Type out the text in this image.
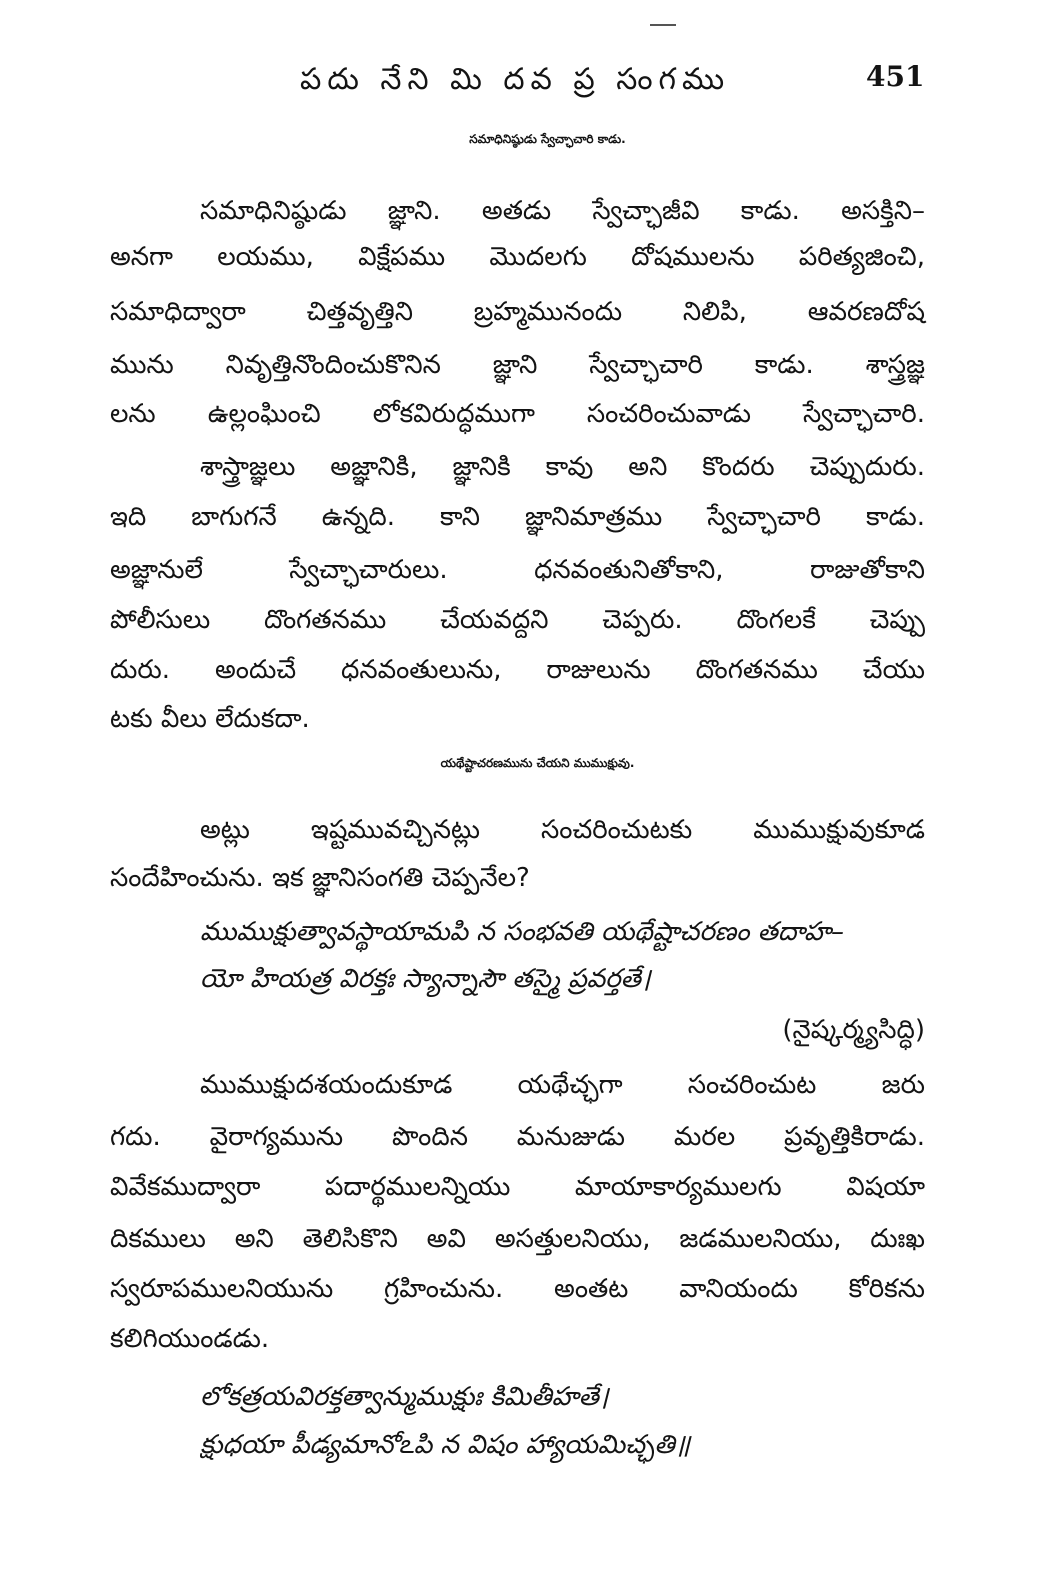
పదు నేని మి దవ ప్ర సంగము	451
సమాధినిష్ఠుడు స్వేచ్ఛాచారి కాడు.
సమాధినిష్ఠుడు జ్ఞాని. అతడు స్వేచ్ఛాజీవి కాడు. అసక్తిని–
అనగా లయము, విక్షేపము మొదలగు దోషములను పరిత్యజించి,
సమాధిద్వారా చిత్తవృత్తిని బ్రహ్మమునందు నిలిపి, ఆవరణదోష
మును నివృత్తినొందించుకొనిన జ్ఞాని స్వేచ్ఛాచారి కాడు. శాస్త్రజ్ఞ
లను ఉల్లంఘించి లోకవిరుద్ధముగా సంచరించువాడు స్వేచ్ఛాచారి.
శాస్త్రాజ్ఞలు అజ్ఞానికి, జ్ఞానికి కావు అని కొందరు చెప్పుదురు.
ఇది బాగుగనే ఉన్నది. కాని జ్ఞానిమాత్రము స్వేచ్ఛాచారి కాడు.
అజ్ఞానులే స్వేచ్ఛాచారులు. ధనవంతునితోకాని, రాజుతోకాని
పోలీసులు దొంగతనము చేయవద్దని చెప్పరు. దొంగలకే చెప్పు
దురు. అందుచే ధనవంతులును, రాజులును దొంగతనము చేయు
టకు వీలు లేదుకదా.
యథేష్టాచరణమును చేయని ముముక్షువు.
అట్లు ఇష్టమువచ్చినట్లు సంచరించుటకు ముముక్షువుకూడ
సందేహించును. ఇక జ్ఞానిసంగతి చెప్పనేల?
ముముక్షుత్వావస్థాయామపి న సంభవతి యథేష్టాచరణం తదాహ–
యో హియత్ర విరక్తః స్యాన్నాసౌ తస్మై ప్రవర్తతే।
(నైష్కర్మ్యసిద్ధి)
ముముక్షుదశయందుకూడ యథేచ్ఛగా సంచరించుట జరు
గదు. వైరాగ్యమును పొందిన మనుజుడు మరల ప్రవృత్తికిరాడు.
వివేకముద్వారా పదార్థములన్నియు మాయాకార్యములగు విషయా
దికములు అని తెలిసికొని అవి అసత్తులనియు, జడములనియు, దుఃఖ
స్వరూపములనియును గ్రహించును. అంతట వానియందు కోరికను
కలిగియుండడు.
లోకత్రయవిరక్తత్వాన్ముముక్షుః కిమితీహతే।
క్షుధయా పీడ్యమానోఽపి న విషం హ్యాయమిచ్ఛతి॥
